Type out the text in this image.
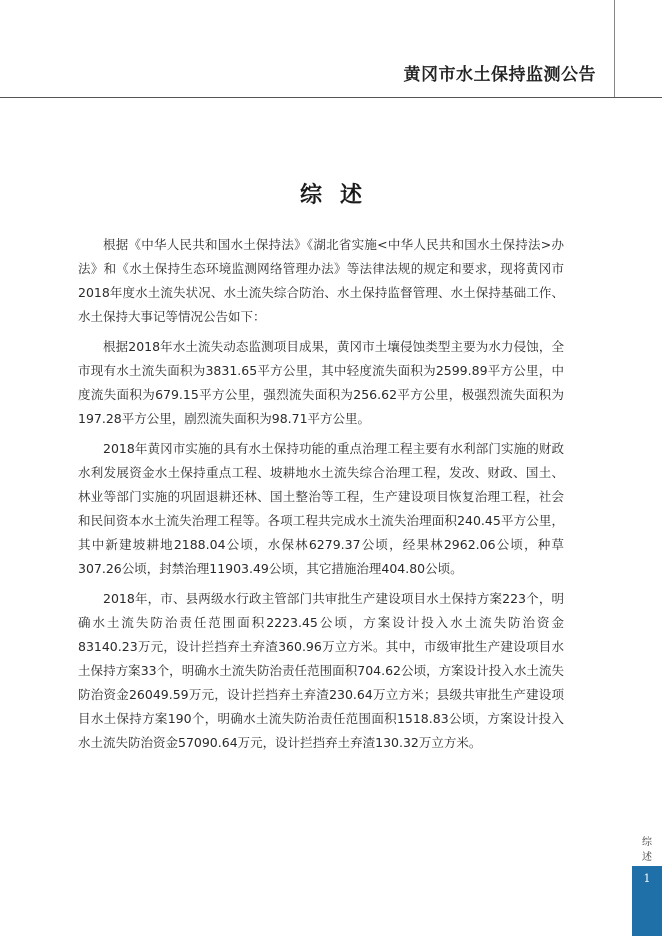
黄冈市水土保持监测公告
综述

根据《中华人民共和国水土保持法》《湖北省实施<中华人民共和国水土保持法>办法》和《水土保持生态环境监测网络管理办法》等法律法规的规定和要求，现将黄冈市2018年度水土流失状况、水土流失综合防治、水土保持监督管理、水土保持基础工作、水土保持大事记等情况公告如下：

根据2018年水土流失动态监测项目成果，黄冈市土壤侵蚀类型主要为水力侵蚀，全市现有水土流失面积为3831.65平方公里，其中轻度流失面积为2599.89平方公里，中度流失面积为679.15平方公里，强烈流失面积为256.62平方公里，极强烈流失面积为197.28平方公里，剧烈流失面积为98.71平方公里。

2018年黄冈市实施的具有水土保持功能的重点治理工程主要有水利部门实施的财政水利发展资金水土保持重点工程、坡耕地水土流失综合治理工程，发改、财政、国土、林业等部门实施的巩固退耕还林、国土整治等工程，生产建设项目恢复治理工程，社会和民间资本水土流失治理工程等。各项工程共完成水土流失治理面积240.45平方公里，其中新建坡耕地2188.04公顷，水保林6279.37公顷，经果林2962.06公顷，种草307.26公顷，封禁治理11903.49公顷，其它措施治理404.80公顷。

2018年，市、县两级水行政主管部门共审批生产建设项目水土保持方案223个，明确水土流失防治责任范围面积2223.45公顷，方案设计投入水土流失防治资金83140.23万元，设计拦挡弃土弃渣360.96万立方米。其中，市级审批生产建设项目水土保持方案33个，明确水土流失防治责任范围面积704.62公顷，方案设计投入水土流失防治资金26049.59万元，设计拦挡弃土弃渣230.64万立方米；县级共审批生产建设项目水土保持方案190个，明确水土流失防治责任范围面积1518.83公顷，方案设计投入水土流失防治资金57090.64万元，设计拦挡弃土弃渣130.32万立方米。

综
述
1
